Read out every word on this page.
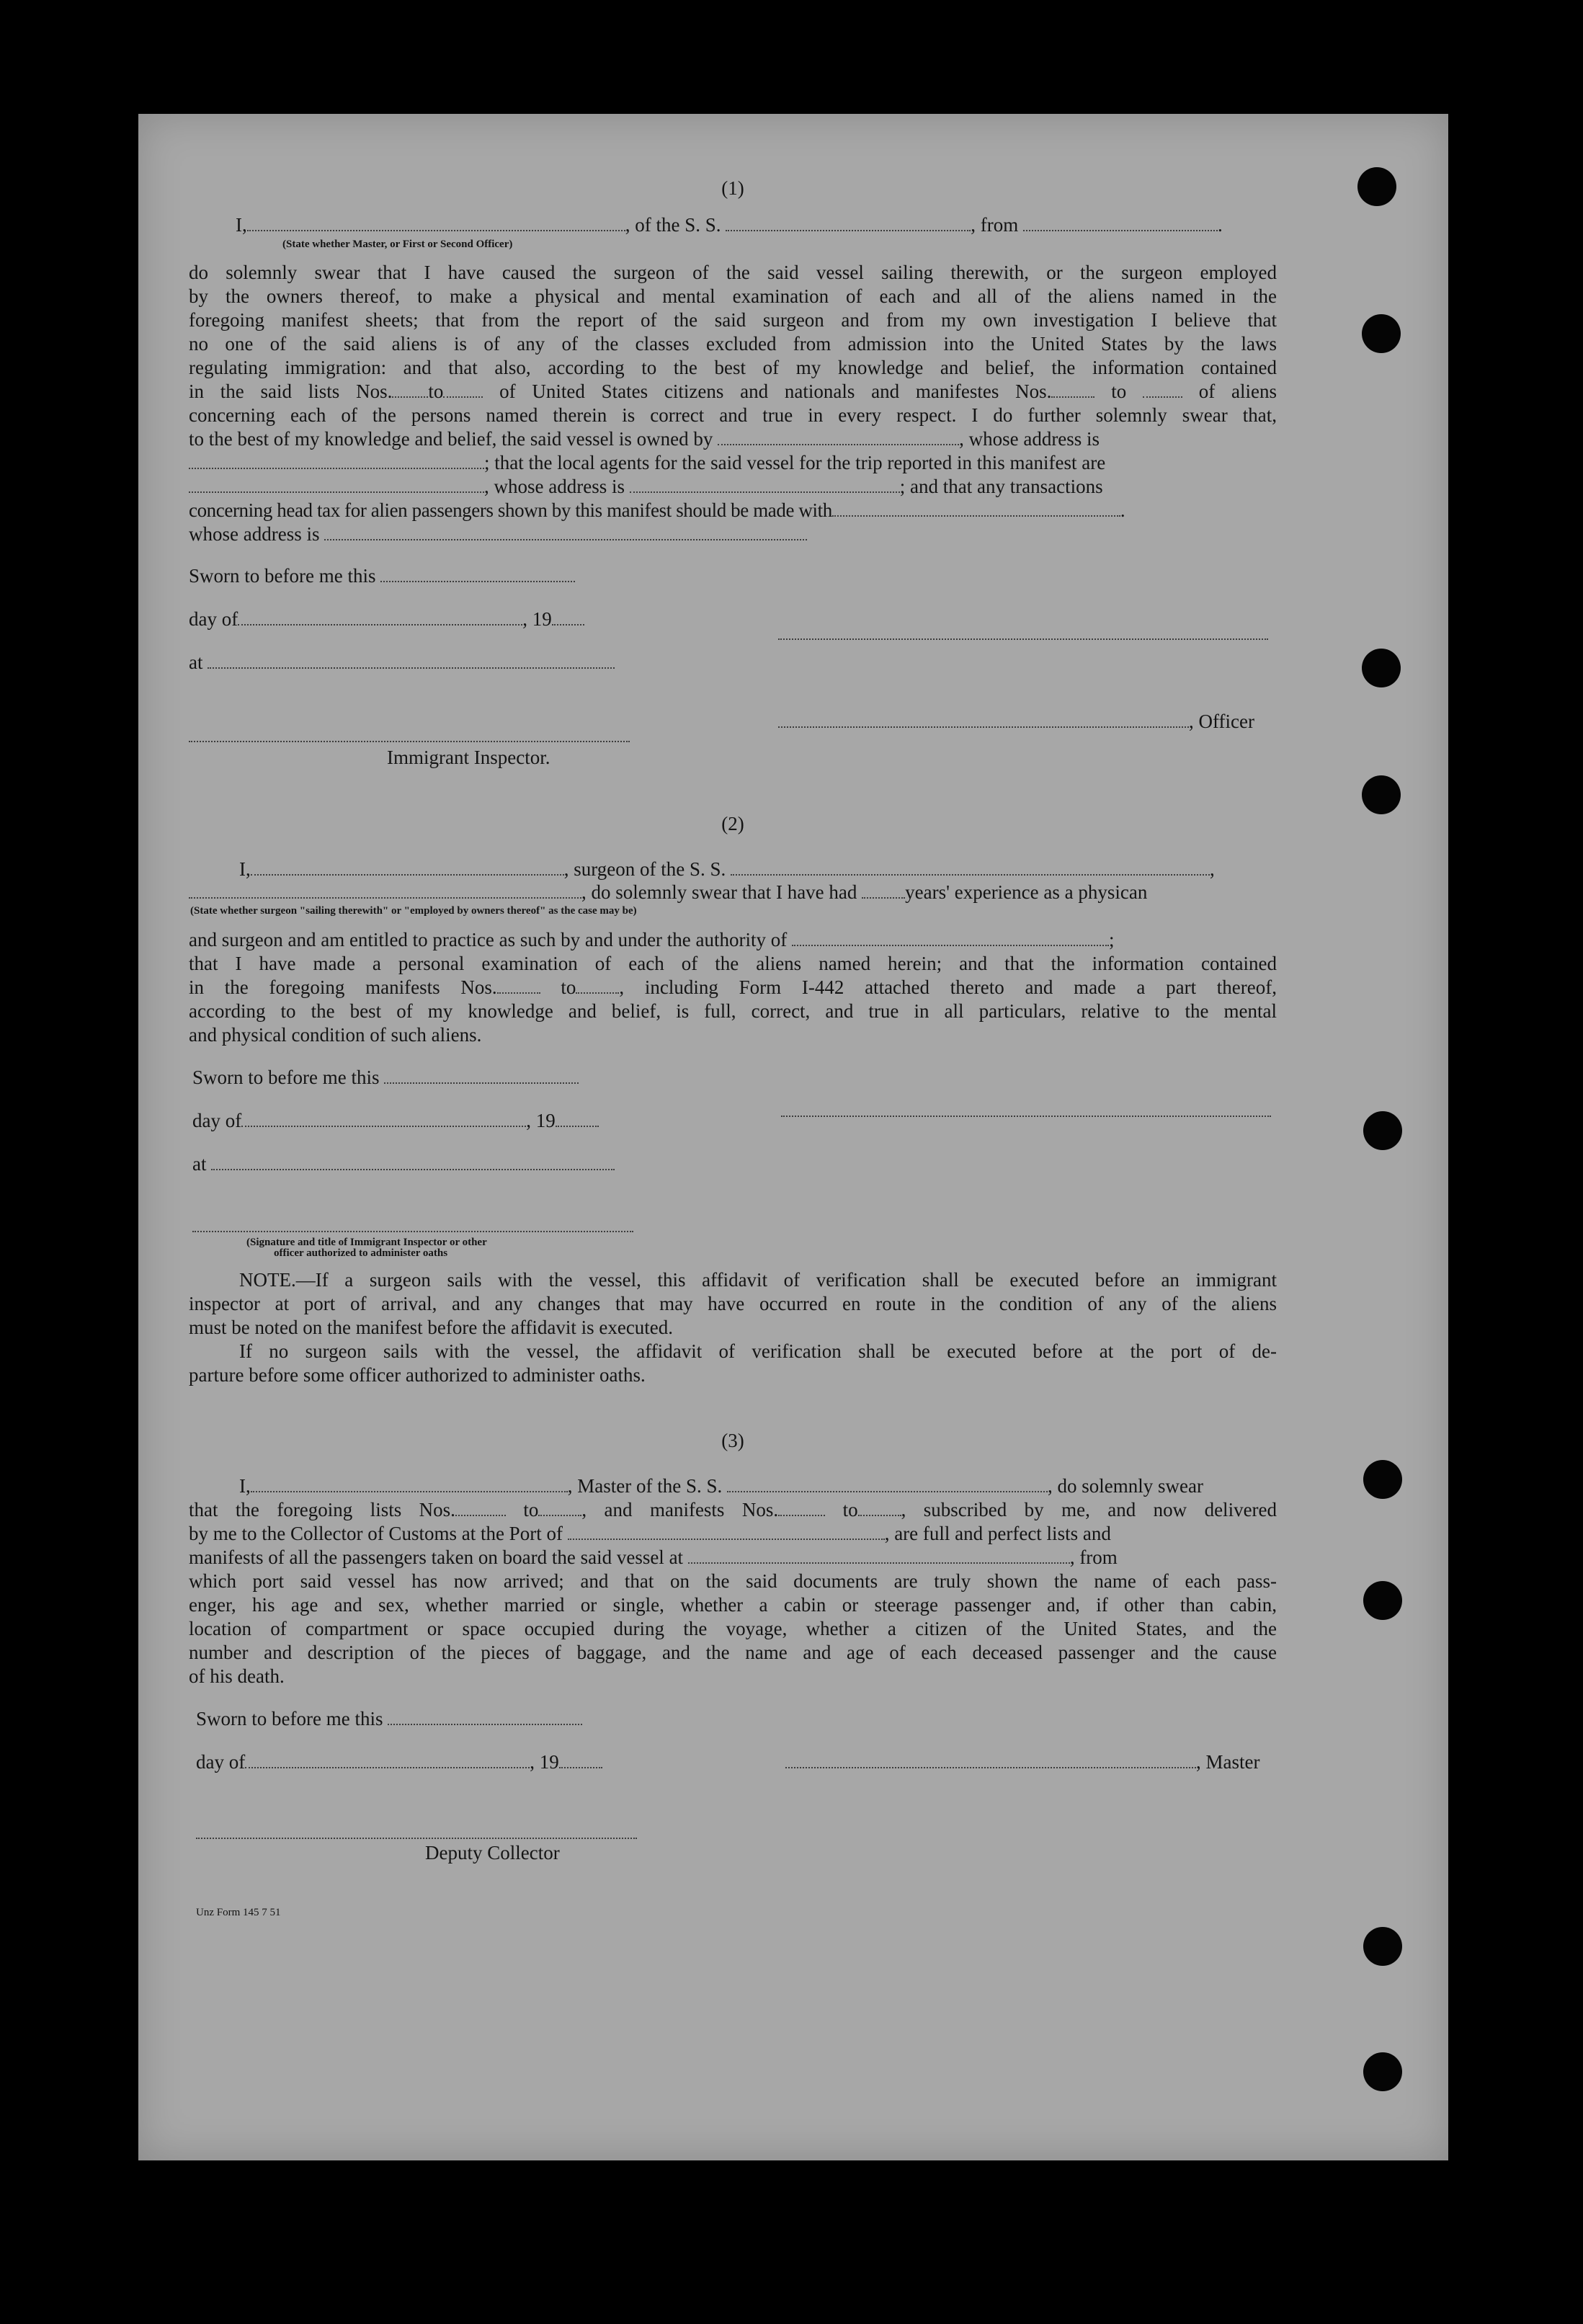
(1)
I,	, of the S. S.	, from	.
(State whether Master, or First or Second Officer)
do solemnly swear that I have caused the surgeon of the said vessel sailing therewith, or the surgeon employed
by the owners thereof, to make a physical and mental examination of each and all of the aliens named in the
foregoing manifest sheets; that from the report of the said surgeon and from my own investigation I believe that
no one of the said aliens is of any of the classes excluded from admission into the United States by the laws
regulating immigration: and that also, according to the best of my knowledge and belief, the information contained
in the said lists Nos. to	of United States citizens and nationals and manifestes Nos.	to	of aliens
concerning each of the persons named therein is correct and true in every respect. I do further solemnly swear that,
to the best of my knowledge and belief, the said vessel is owned by	, whose address is
; that the local agents for the said vessel for the trip reported in this manifest are
, whose address is	; and that any transactions
concerning head tax for alien passengers shown by this manifest should be made with	.
whose address is
Sworn to before me this
day of	, 19
at
, Officer
Immigrant Inspector.
(2)
I,	, surgeon of the S. S.	,
, do solemnly swear that I have had years' experience as a physican
(State whether surgeon "sailing therewith" or "employed by owners thereof" as the case may be)
and surgeon and am entitled to practice as such by and under the authority of	;
that I have made a personal examination of each of the aliens named herein; and that the information contained
in the foregoing manifests Nos.	to , including Form I-442 attached thereto and made a part thereof,
according to the best of my knowledge and belief, is full, correct, and true in all particulars, relative to the mental
and physical condition of such aliens.
Sworn to before me this
day of	, 19
at
(Signature and title of Immigrant Inspector or other
officer authorized to administer oaths
NOTE.—If a surgeon sails with the vessel, this affidavit of verification shall be executed before an immigrant
inspector at port of arrival, and any changes that may have occurred en route in the condition of any of the aliens
must be noted on the manifest before the affidavit is executed.
If no surgeon sails with the vessel, the affidavit of verification shall be executed before at the port of de-
parture before some officer authorized to administer oaths.
(3)
I,	, Master of the S. S.	, do solemnly swear
that the foregoing lists Nos.	to , and manifests Nos.	to , subscribed by me, and now delivered
by me to the Collector of Customs at the Port of	, are full and perfect lists and
manifests of all the passengers taken on board the said vessel at	, from
which port said vessel has now arrived; and that on the said documents are truly shown the name of each pass-
enger, his age and sex, whether married or single, whether a cabin or steerage passenger and, if other than cabin,
location of compartment or space occupied during the voyage, whether a citizen of the United States, and the
number and description of the pieces of baggage, and the name and age of each deceased passenger and the cause
of his death.
Sworn to before me this
day of	, 19	, Master
Deputy Collector
Unz Form 145 7 51
